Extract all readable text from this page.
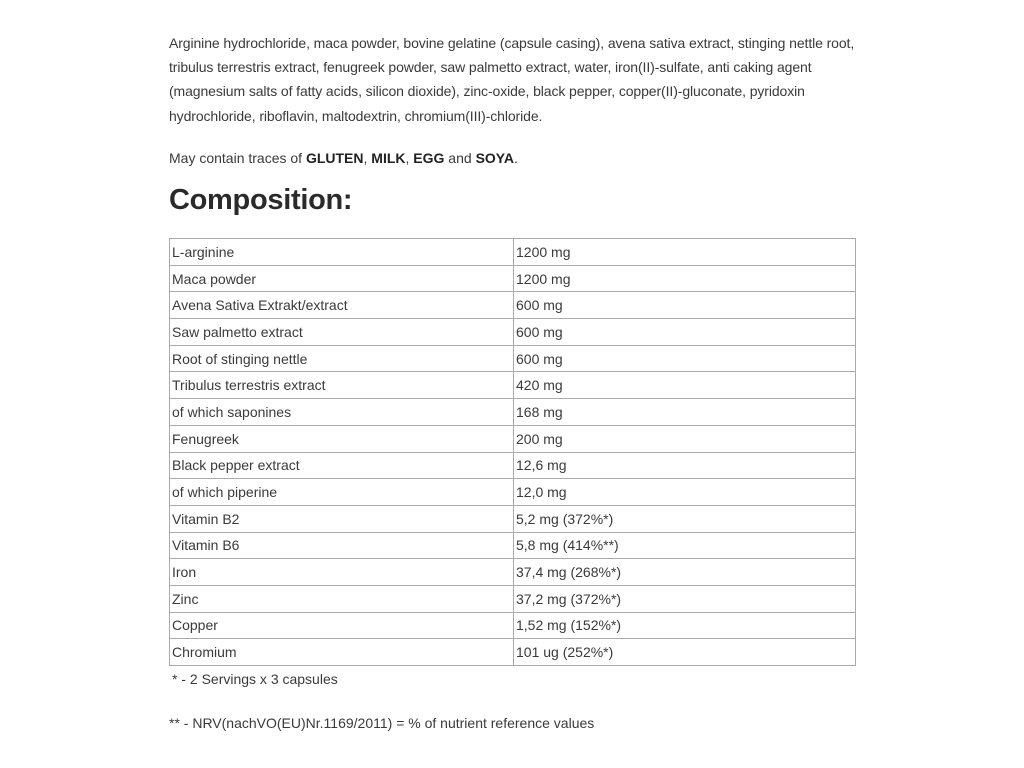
Arginine hydrochloride, maca powder, bovine gelatine (capsule casing), avena sativa extract, stinging nettle root, tribulus terrestris extract, fenugreek powder, saw palmetto extract, water, iron(II)-sulfate, anti caking agent (magnesium salts of fatty acids, silicon dioxide), zinc-oxide, black pepper, copper(II)-gluconate, pyridoxin hydrochloride, riboflavin, maltodextrin, chromium(III)-chloride.

May contain traces of GLUTEN, MILK, EGG and SOYA.

Composition:
L-arginine	1200 mg
Maca powder	1200 mg
Avena Sativa Extrakt/extract	600 mg
Saw palmetto extract	600 mg
Root of stinging nettle	600 mg
Tribulus terrestris extract	420 mg
of which saponines	168 mg
Fenugreek	200 mg
Black pepper extract	12,6 mg
of which piperine	12,0 mg
Vitamin B2	5,2 mg (372%*)
Vitamin B6	5,8 mg (414%**)
Iron	37,4 mg (268%*)
Zinc	37,2 mg (372%*)
Copper	1,52 mg (152%*)
Chromium	101 ug (252%*)
* - 2 Servings x 3 capsules
** - NRV(nachVO(EU)Nr.1169/2011) = % of nutrient reference values
